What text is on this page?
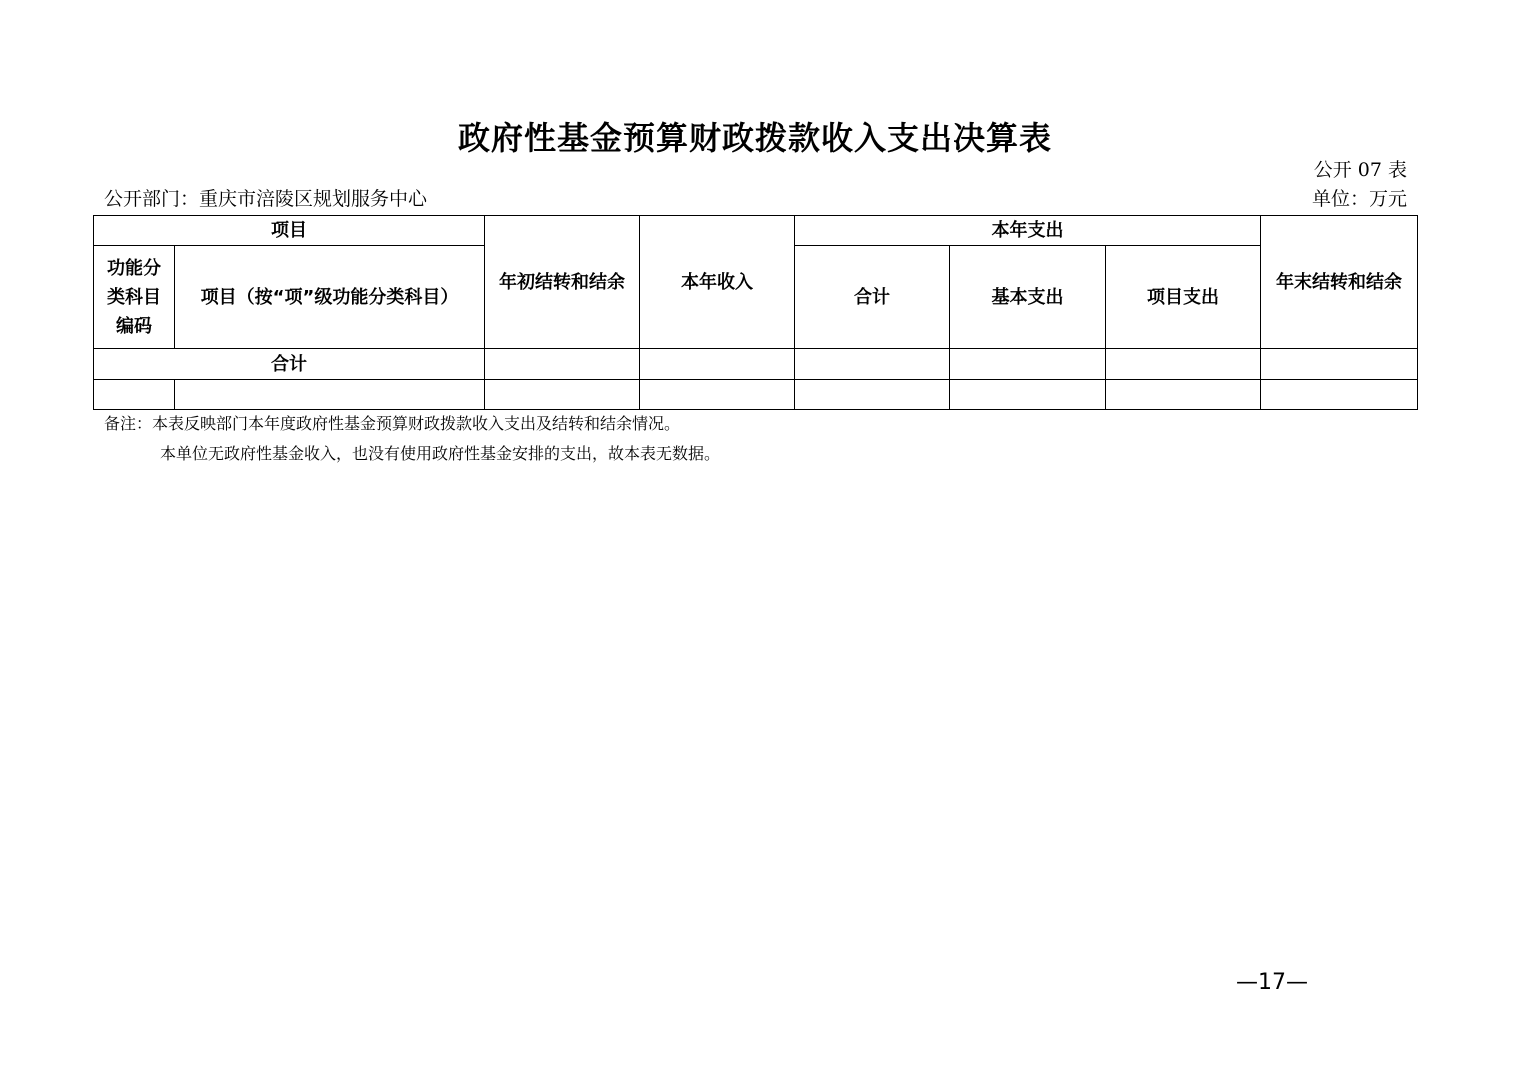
政府性基金预算财政拨款收入支出决算表
公开 07 表
公开部门：重庆市涪陵区规划服务中心	单位：万元
项目		年初结转和结余	本年收入	本年支出			年末结转和结余
功能分类科目编码	项目（按“项”级功能分类科目）			合计	基本支出	项目支出	
合计							

备注：本表反映部门本年度政府性基金预算财政拨款收入支出及结转和结余情况。
本单位无政府性基金收入，也没有使用政府性基金安排的支出，故本表无数据。
—17—
